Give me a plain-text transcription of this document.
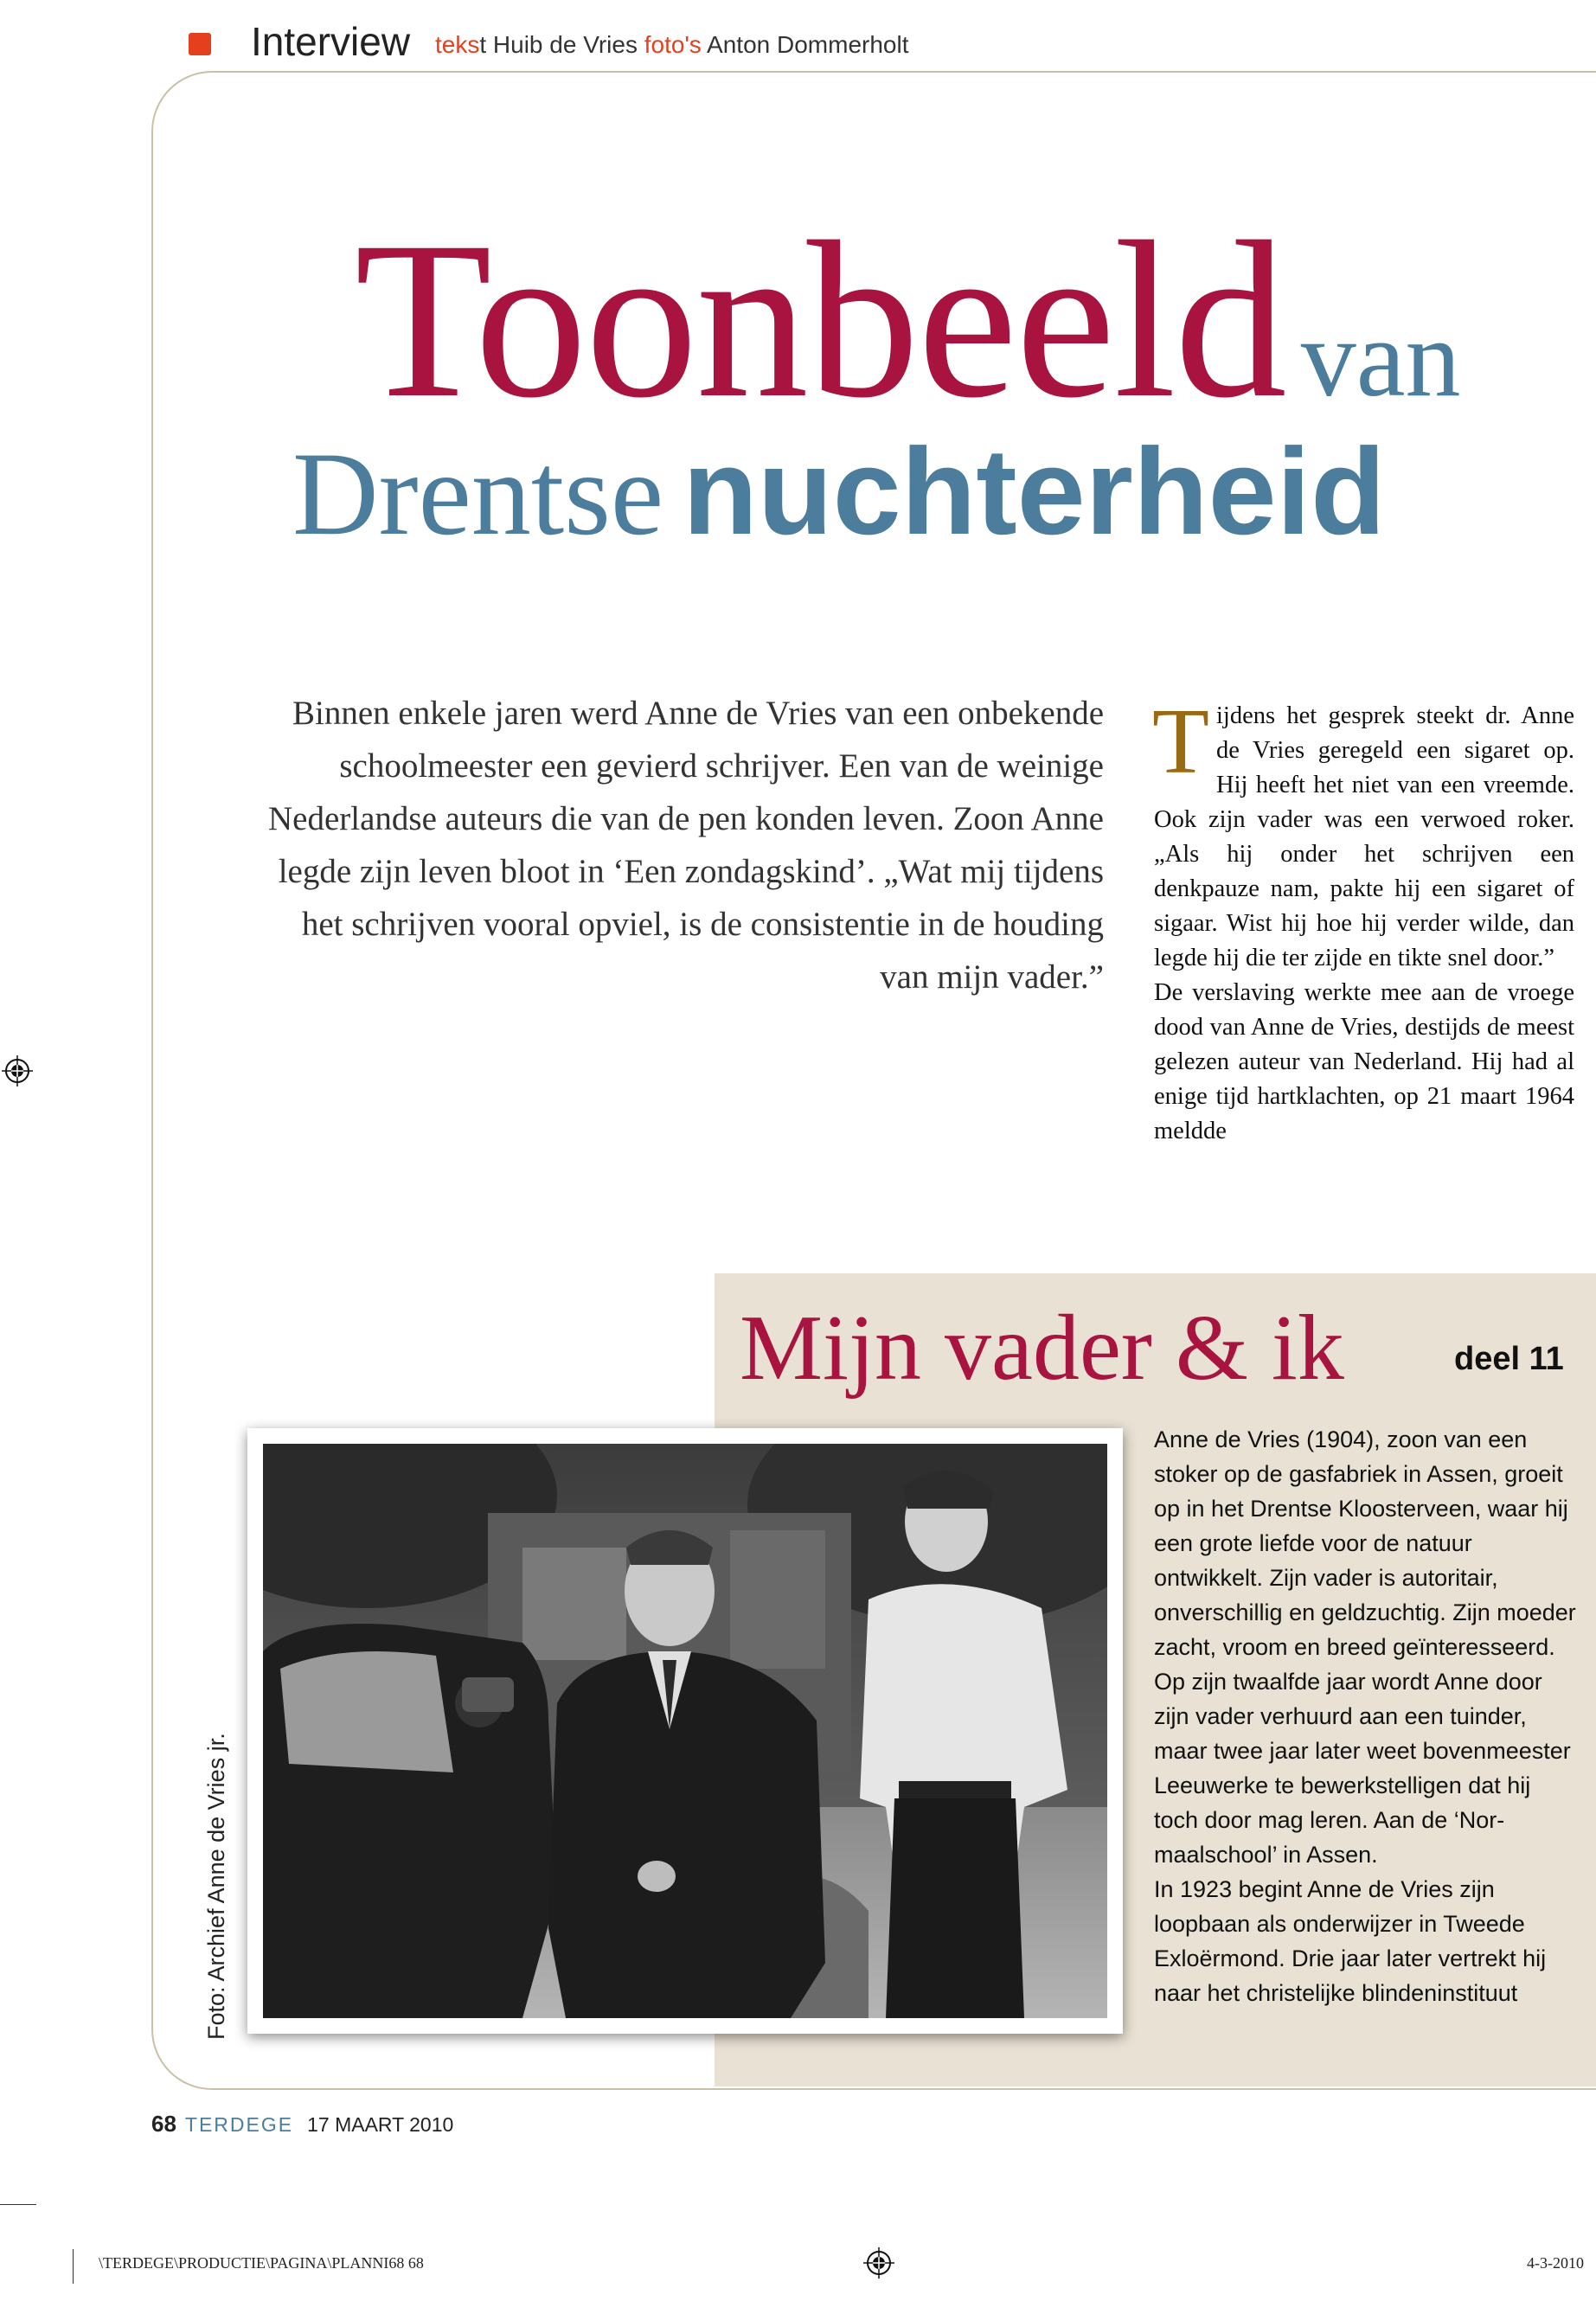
Interview tekst Huib de Vries foto's Anton Dommerholt
Toonbeeld van
Drentse nuchterheid
Binnen enkele jaren werd Anne de Vries van een onbekende schoolmeester een gevierd schrijver. Een van de weinige Nederlandse auteurs die van de pen konden leven. Zoon Anne legde zijn leven bloot in ‘Een zondagskind’. „Wat mij tijdens het schrijven vooral opviel, is de consistentie in de houding van mijn vader.”
T ijdens het gesprek steekt dr. Anne de Vries geregeld een sigaret op. Hij heeft het niet van een vreemde. Ook zijn vader was een verwoed roker. „Als hij onder het schrijven een denkpauze nam, pakte hij een sigaret of sigaar. Wist hij hoe hij verder wilde, dan legde hij die ter zijde en tikte snel door.”

De verslaving werkte mee aan de vroege dood van Anne de Vries, destijds de meest gelezen auteur van Nederland. Hij had al enige tijd hartklachten, op 21 maart 1964 meldde

Mijn vader & ik	deel 11

Anne de Vries (1904), zoon van een stoker op de gasfabriek in Assen, groeit op in het Drentse Kloosterveen, waar hij een grote liefde voor de natuur ontwikkelt. Zijn vader is autoritair, onverschillig en geldzuchtig. Zijn moeder zacht, vroom en breed geïnteresseerd.

Op zijn twaalfde jaar wordt Anne door zijn vader verhuurd aan een tuinder, maar twee jaar later weet bovenmeester Leeuwerke te bewerkstelligen dat hij toch door mag leren. Aan de ‘Normaalschool’ in Assen.

In 1923 begint Anne de Vries zijn loopbaan als onderwijzer in Tweede Exloërmond. Drie jaar later vertrekt hij naar het christelijke blindeninstituut

Foto: Archief Anne de Vries jr.
68 TERDEGE 17 MAART 2010
\TERDEGE\PRODUCTIE\PAGINA\PLANNI68 68	4-3-2010
